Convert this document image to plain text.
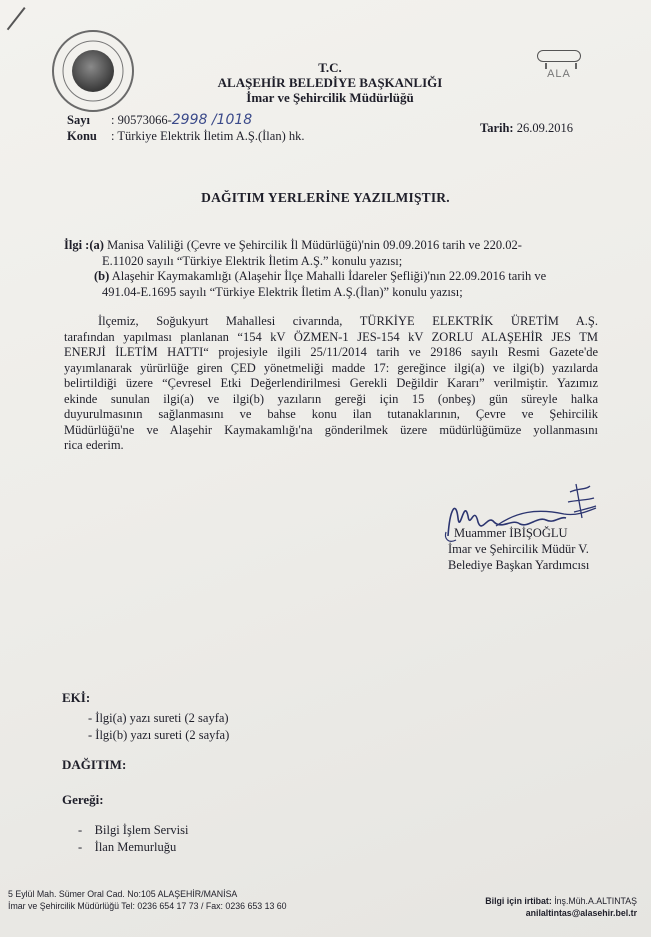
T.C.
ALAŞEHİR BELEDİYE BAŞKANLIĞI
İmar ve Şehircilik Müdürlüğü
ALA
Sayı : 90573066-2998 /1018
Konu : Türkiye Elektrik İletim A.Ş.(İlan) hk.
Tarih: 26.09.2016
DAĞITIM YERLERİNE YAZILMIŞTIR.
İlgi :(a) Manisa Valiliği (Çevre ve Şehircilik İl Müdürlüğü)'nin 09.09.2016 tarih ve 220.02-
E.11020 sayılı “Türkiye Elektrik İletim A.Ş.” konulu yazısı;
(b) Alaşehir Kaymakamlığı (Alaşehir İlçe Mahalli İdareler Şefliği)'nın 22.09.2016 tarih ve
491.04-E.1695 sayılı “Türkiye Elektrik İletim A.Ş.(İlan)” konulu yazısı;
İlçemiz, Soğukyurt Mahallesi civarında, TÜRKİYE ELEKTRİK ÜRETİM A.Ş.
tarafından yapılması planlanan “154 kV ÖZMEN-1 JES-154 kV ZORLU ALAŞEHİR JES TM
ENERJİ İLETİM HATTI“ projesiyle ilgili 25/11/2014 tarih ve 29186 sayılı Resmi Gazete'de
yayımlanarak yürürlüğe giren ÇED yönetmeliği madde 17: gereğince ilgi(a) ve ilgi(b) yazılarda
belirtildiği üzere “Çevresel Etki Değerlendirilmesi Gerekli Değildir Kararı” verilmiştir. Yazımız
ekinde sunulan ilgi(a) ve ilgi(b) yazıların gereği için 15 (onbeş) gün süreyle halka
duyurulmasının sağlanmasını ve bahse konu ilan tutanaklarının, Çevre ve Şehircilik
Müdürlüğü'ne ve Alaşehir Kaymakamlığı'na gönderilmek üzere müdürlüğümüze yollanmasını
rica ederim.
Muammer İBİŞOĞLU
İmar ve Şehircilik Müdür V.
Belediye Başkan Yardımcısı
EKİ:
- İlgi(a) yazı sureti (2 sayfa)
- İlgi(b) yazı sureti (2 sayfa)
DAĞITIM:
Gereği:
-    Bilgi İşlem Servisi
-    İlan Memurluğu
5 Eylül Mah. Sümer Oral Cad. No:105 ALAŞEHİR/MANİSA
İmar ve Şehircilik Müdürlüğü Tel: 0236 654 17 73 / Fax: 0236 653 13 60	Bilgi için irtibat: İnş.Müh.A.ALTINTAŞ
anilaltintas@alasehir.bel.tr
